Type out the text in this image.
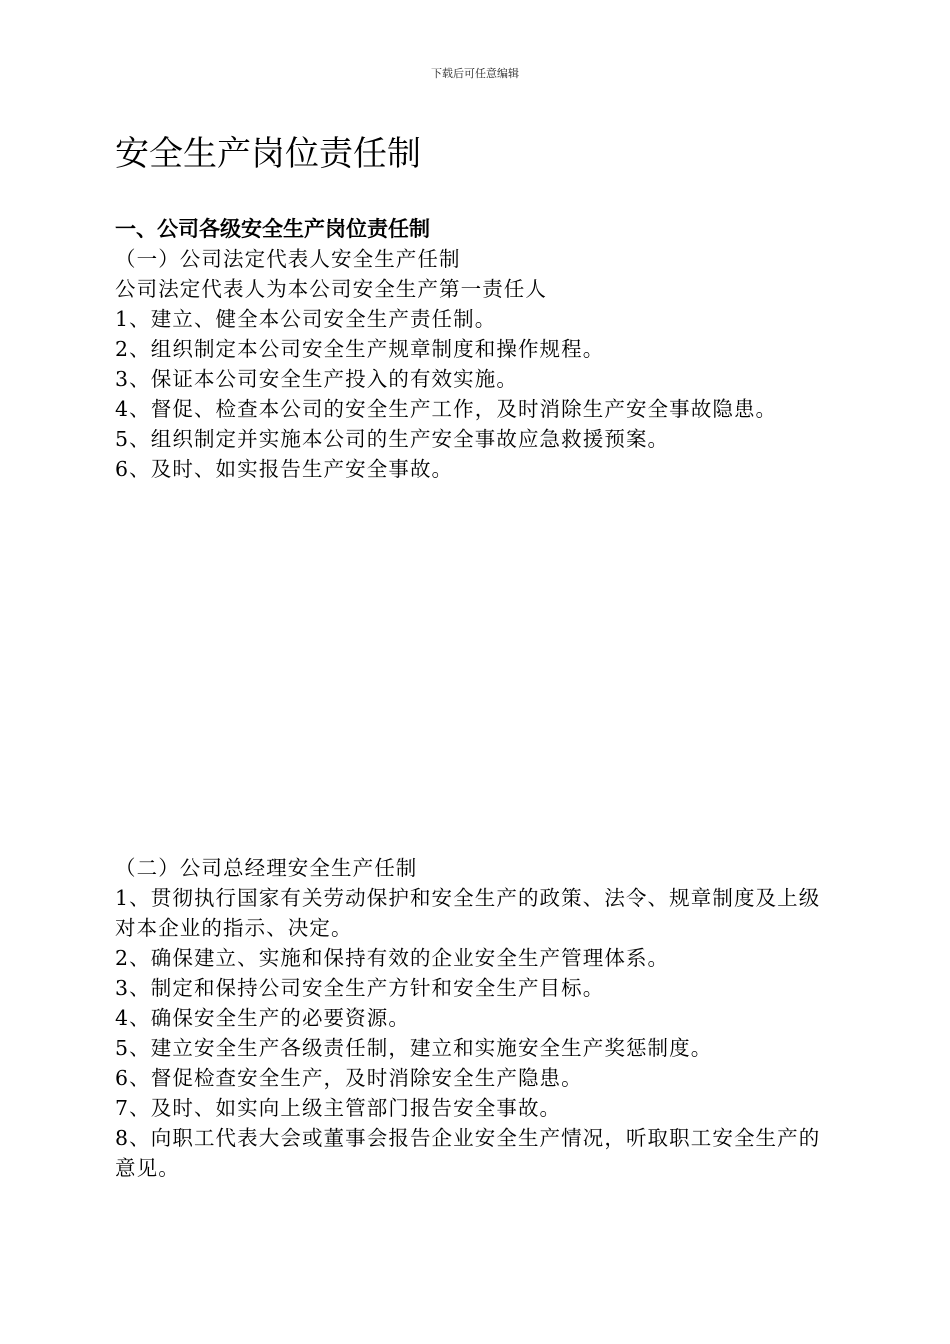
下载后可任意编辑
安全生产岗位责任制
一、公司各级安全生产岗位责任制

（一）公司法定代表人安全生产任制

公司法定代表人为本公司安全生产第一责任人

1、建立、健全本公司安全生产责任制。
2、组织制定本公司安全生产规章制度和操作规程。
3、保证本公司安全生产投入的有效实施。
4、督促、检查本公司的安全生产工作，及时消除生产安全事故隐患。
5、组织制定并实施本公司的生产安全事故应急救援预案。
6、及时、如实报告生产安全事故。

（二）公司总经理安全生产任制

1、贯彻执行国家有关劳动保护和安全生产的政策、法令、规章制度及上级对本企业的指示、决定。
2、确保建立、实施和保持有效的企业安全生产管理体系。
3、制定和保持公司安全生产方针和安全生产目标。
4、确保安全生产的必要资源。
5、建立安全生产各级责任制，建立和实施安全生产奖惩制度。
6、督促检查安全生产，及时消除安全生产隐患。
7、及时、如实向上级主管部门报告安全事故。
8、向职工代表大会或董事会报告企业安全生产情况，听取职工安全生产的意见。
